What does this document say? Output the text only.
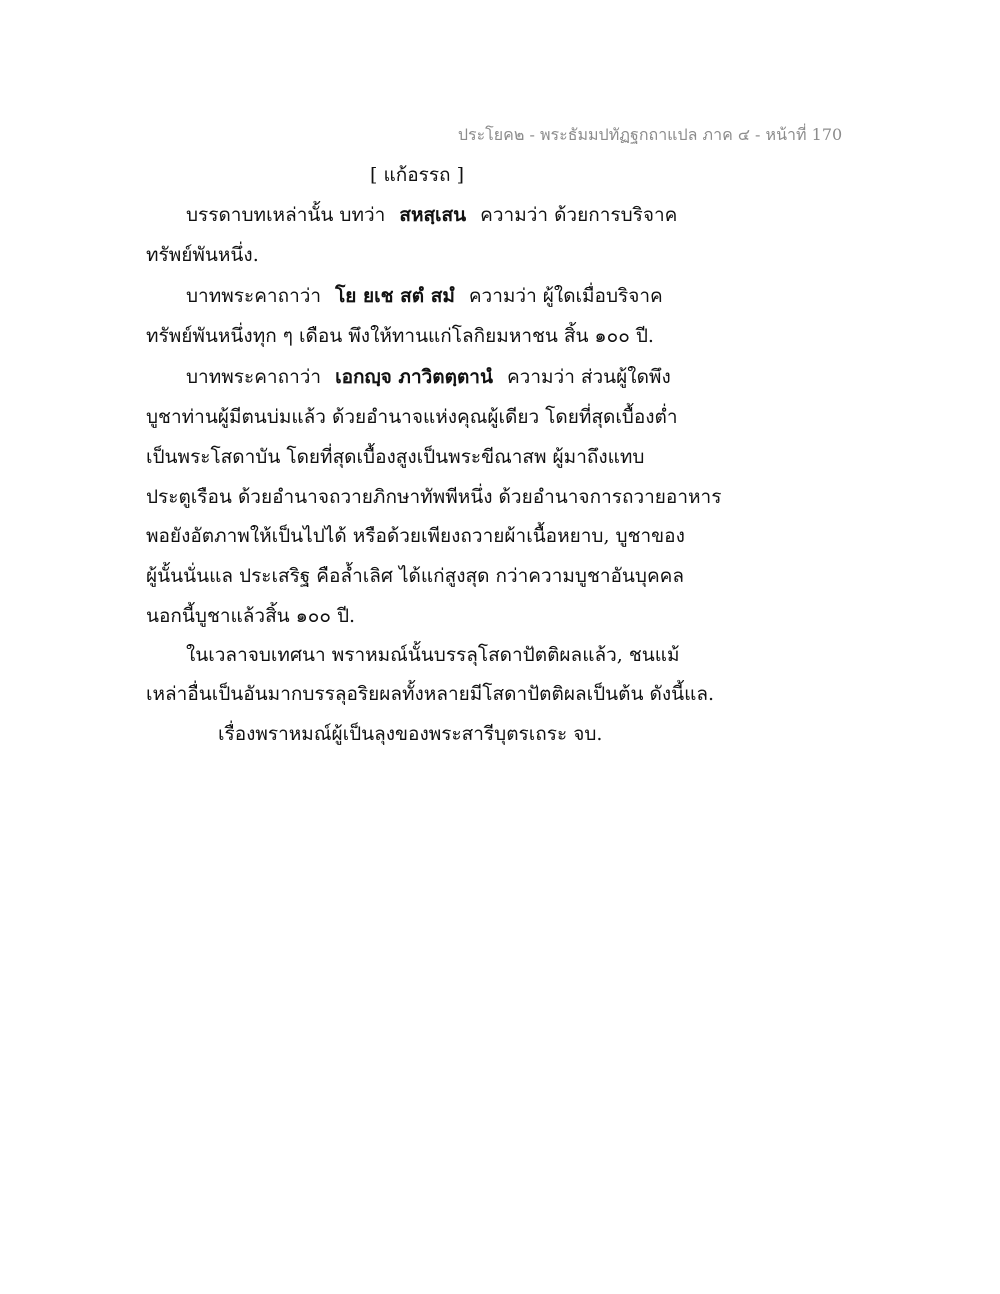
ประโยค๒ - พระธัมมปทัฏฐกถาแปล ภาค ๔ - หน้าที่ 170
[ แก้อรรถ ]
บรรดาบทเหล่านั้น บทว่า สหสฺเสน ความว่า ด้วยการบริจาค
ทรัพย์พันหนึ่ง.
บาทพระคาถาว่า โย ยเช สตํ สมํ ความว่า ผู้ใดเมื่อบริจาค
ทรัพย์พันหนึ่งทุก ๆ เดือน พึงให้ทานแก่โลกิยมหาชน สิ้น ๑๐๐ ปี.
บาทพระคาถาว่า เอกญฺจ ภาวิตตฺตานํ ความว่า ส่วนผู้ใดพึง
บูชาท่านผู้มีตนบ่มแล้ว ด้วยอำนาจแห่งคุณผู้เดียว โดยที่สุดเบื้องต่ำ
เป็นพระโสดาบัน โดยที่สุดเบื้องสูงเป็นพระขีณาสพ ผู้มาถึงแทบ
ประตูเรือน ด้วยอำนาจถวายภิกษาทัพพีหนึ่ง ด้วยอำนาจการถวายอาหาร
พอยังอัตภาพให้เป็นไปได้ หรือด้วยเพียงถวายผ้าเนื้อหยาบ, บูชาของ
ผู้นั้นนั่นแล ประเสริฐ คือล้ำเลิศ ได้แก่สูงสุด กว่าความบูชาอันบุคคล
นอกนี้บูชาแล้วสิ้น ๑๐๐ ปี.
ในเวลาจบเทศนา พราหมณ์นั้นบรรลุโสดาปัตติผลแล้ว, ชนแม้
เหล่าอื่นเป็นอันมากบรรลุอริยผลทั้งหลายมีโสดาปัตติผลเป็นต้น ดังนี้แล.
เรื่องพราหมณ์ผู้เป็นลุงของพระสารีบุตรเถระ จบ.
